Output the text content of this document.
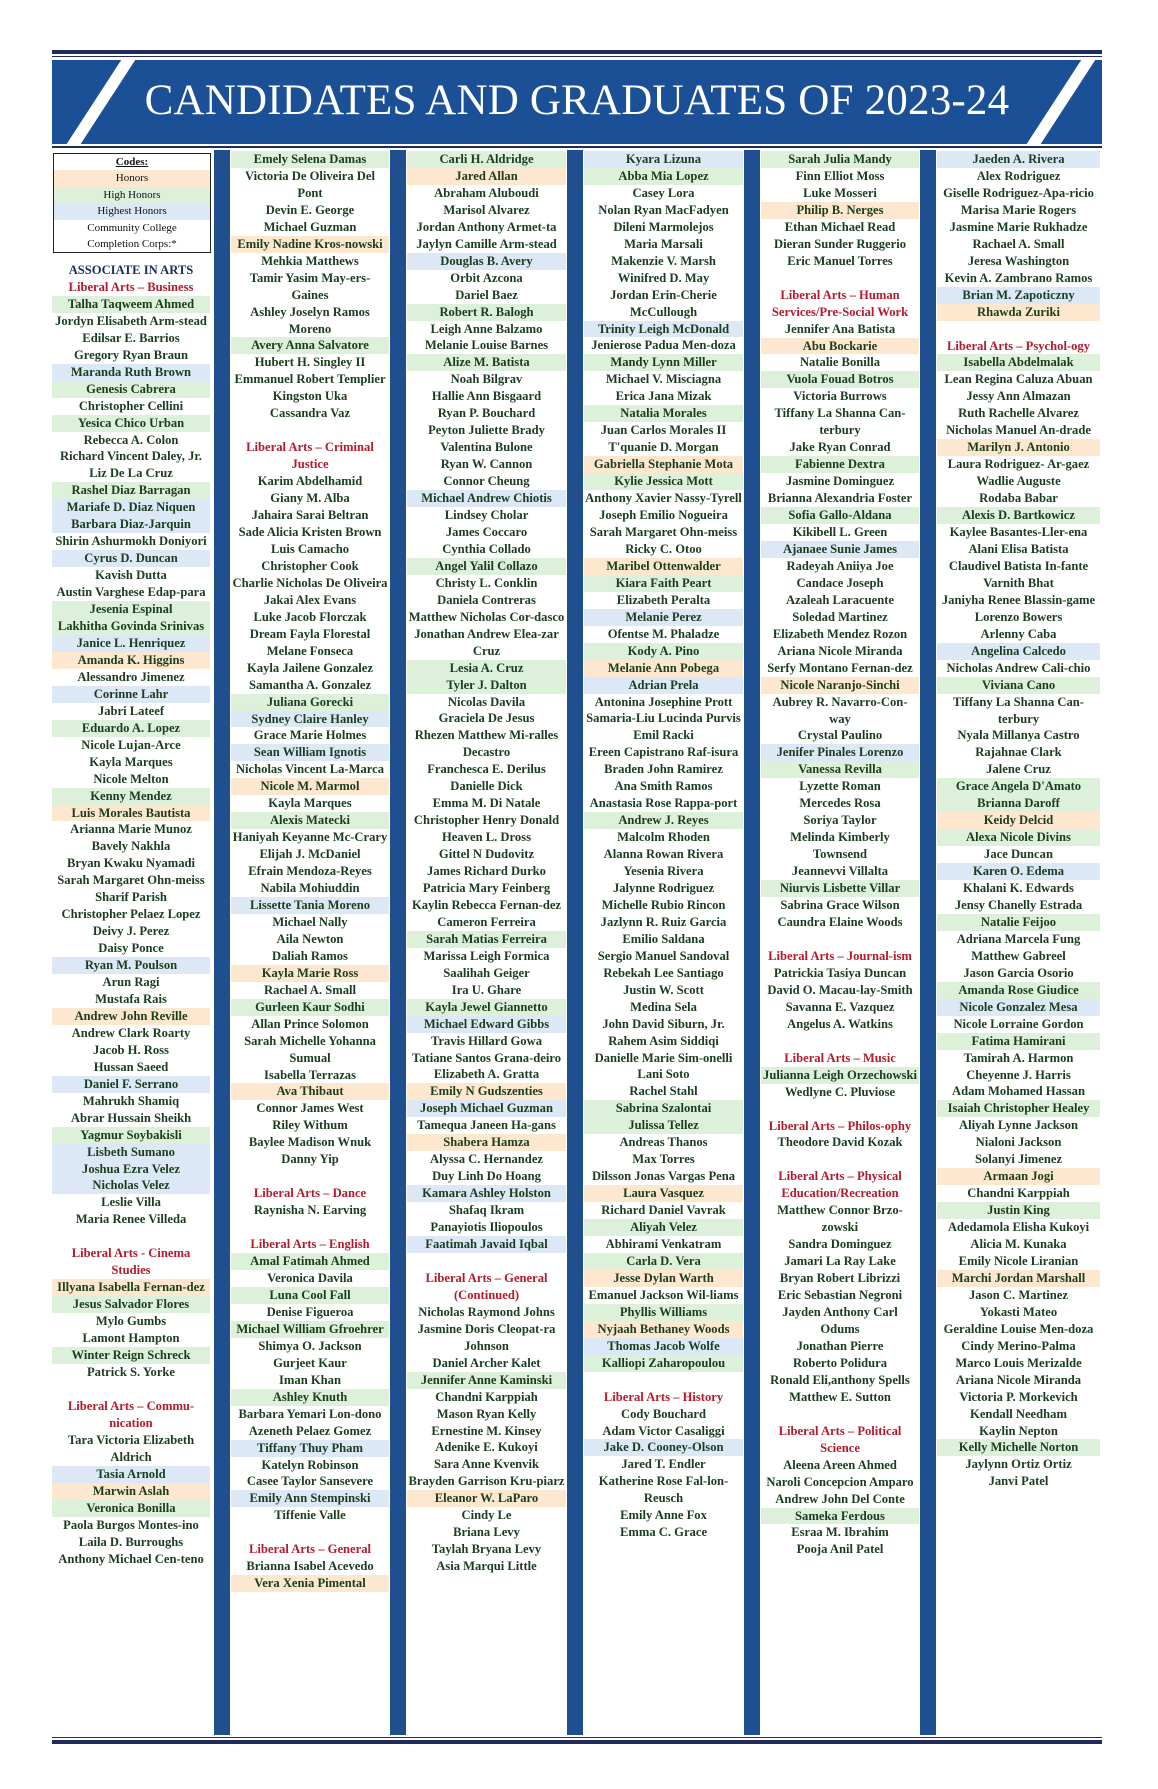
CANDIDATES AND GRADUATES OF 2023-24
Codes:
Honors
High Honors
Highest Honors
Community College
Completion Corps:*
ASSOCIATE IN ARTS
Liberal Arts – Business
Talha Taqweem Ahmed
Jordyn Elisabeth Arm-stead
Edilsar E. Barrios
Gregory Ryan Braun
Maranda Ruth Brown
Genesis Cabrera
Christopher Cellini
Yesica Chico Urban
Rebecca A. Colon
Richard Vincent Daley, Jr.
Liz De La Cruz
Rashel Diaz Barragan
Mariafe D. Diaz Niquen
Barbara Diaz-Jarquin
Shirin Ashurmokh Doniyori
Cyrus D. Duncan
Kavish Dutta
Austin Varghese Edap-para
Jesenia Espinal
Lakhitha Govinda Srinivas
Janice L. Henriquez
Amanda K. Higgins
Alessandro Jimenez
Corinne Lahr
Jabri Lateef
Eduardo A. Lopez
Nicole Lujan-Arce
Kayla Marques
Nicole Melton
Kenny Mendez
Luis Morales Bautista
Arianna Marie Munoz
Bavely Nakhla
Bryan Kwaku Nyamadi
Sarah Margaret Ohn-meiss
Sharif Parish
Christopher Pelaez Lopez
Deivy J. Perez
Daisy Ponce
Ryan M. Poulson
Arun Ragi
Mustafa Rais
Andrew John Reville
Andrew Clark Roarty
Jacob H. Ross
Hussan Saeed
Daniel F. Serrano
Mahrukh Shamiq
Abrar Hussain Sheikh
Yagmur Soybakisli
Lisbeth Sumano
Joshua Ezra Velez
Nicholas Velez
Leslie Villa
Maria Renee Villeda
Liberal Arts - Cinema Studies
Illyana Isabella Fernan-dez
Jesus Salvador Flores
Mylo Gumbs
Lamont Hampton
Winter Reign Schreck
Patrick S. Yorke
Liberal Arts – Commu-nication
Tara Victoria Elizabeth Aldrich
Tasia Arnold
Marwin Aslah
Veronica Bonilla
Paola Burgos Montes-ino
Laila D. Burroughs
Anthony Michael Cen-teno
Emely Selena Damas
Victoria De Oliveira Del Pont
Devin E. George
Michael Guzman
Emily Nadine Kros-nowski
Mehkia Matthews
Tamir Yasim May-ers-Gaines
Ashley Joselyn Ramos Moreno
Avery Anna Salvatore
Hubert H. Singley II
Emmanuel Robert Templier
Kingston Uka
Cassandra Vaz
Liberal Arts – Criminal Justice
Karim Abdelhamid
Giany M. Alba
Jahaira Sarai Beltran
Sade Alicia Kristen Brown
Luis Camacho
Christopher Cook
Charlie Nicholas De Oliveira
Jakai Alex Evans
Luke Jacob Florczak
Dream Fayla Florestal
Melane Fonseca
Kayla Jailene Gonzalez
Samantha A. Gonzalez
Juliana Gorecki
Sydney Claire Hanley
Grace Marie Holmes
Sean William Ignotis
Nicholas Vincent La-Marca
Nicole M. Marmol
Kayla Marques
Alexis Matecki
Haniyah Keyanne Mc-Crary
Elijah J. McDaniel
Efrain Mendoza-Reyes
Nabila Mohiuddin
Lissette Tania Moreno
Michael Nally
Aila Newton
Daliah Ramos
Kayla Marie Ross
Rachael A. Small
Gurleen Kaur Sodhi
Allan Prince Solomon
Sarah Michelle Yohanna Sumual
Isabella Terrazas
Ava Thibaut
Connor James West
Riley Withum
Baylee Madison Wnuk
Danny Yip
Liberal Arts – Dance
Raynisha N. Earving
Liberal Arts – English
Amal Fatimah Ahmed
Veronica Davila
Luna Cool Fall
Denise Figueroa
Michael William Gfroehrer
Shimya O. Jackson
Gurjeet Kaur
Iman Khan
Ashley Knuth
Barbara Yemari Lon-dono
Azeneth Pelaez Gomez
Tiffany Thuy Pham
Katelyn Robinson
Casee Taylor Sansevere
Emily Ann Stempinski
Tiffenie Valle
Liberal Arts – General
Brianna Isabel Acevedo
Vera Xenia Pimental
Carli H. Aldridge
Jared Allan
Abraham Aluboudi
Marisol Alvarez
Jordan Anthony Armet-ta
Jaylyn Camille Arm-stead
Douglas B. Avery
Orbit Azcona
Dariel Baez
Robert R. Balogh
Leigh Anne Balzamo
Melanie Louise Barnes
Alize M. Batista
Noah Bilgrav
Hallie Ann Bisgaard
Ryan P. Bouchard
Peyton Juliette Brady
Valentina Bulone
Ryan W. Cannon
Connor Cheung
Michael Andrew Chiotis
Lindsey Cholar
James Coccaro
Cynthia Collado
Angel Yalil Collazo
Christy L. Conklin
Daniela Contreras
Matthew Nicholas Cor-dasco
Jonathan Andrew Elea-zar Cruz
Lesia A. Cruz
Tyler J. Dalton
Nicolas Davila
Graciela De Jesus
Rhezen Matthew Mi-ralles Decastro
Franchesca E. Derilus
Danielle Dick
Emma M. Di Natale
Christopher Henry Donald
Heaven L. Dross
Gittel N Dudovitz
James Richard Durko
Patricia Mary Feinberg
Kaylin Rebecca Fernan-dez
Cameron Ferreira
Sarah Matias Ferreira
Marissa Leigh Formica
Saalihah Geiger
Ira U. Ghare
Kayla Jewel Giannetto
Michael Edward Gibbs
Travis Hillard Gowa
Tatiane Santos Grana-deiro
Elizabeth A. Gratta
Emily N Gudszenties
Joseph Michael Guzman
Tamequa Janeen Ha-gans
Shabera Hamza
Alyssa C. Hernandez
Duy Linh Do Hoang
Kamara Ashley Holston
Shafaq Ikram
Panayiotis Iliopoulos
Faatimah Javaid Iqbal
Liberal Arts – General (Continued)
Nicholas Raymond Johns
Jasmine Doris Cleopat-ra Johnson
Daniel Archer Kalet
Jennifer Anne Kaminski
Chandni Karppiah
Mason Ryan Kelly
Ernestine M. Kinsey
Adenike E. Kukoyi
Sara Anne Kvenvik
Brayden Garrison Kru-piarz
Eleanor W. LaParo
Cindy Le
Briana Levy
Taylah Bryana Levy
Asia Marqui Little
Kyara Lizuna
Abba Mia Lopez
Casey Lora
Nolan Ryan MacFadyen
Dileni Marmolejos
Maria Marsali
Makenzie V. Marsh
Winifred D. May
Jordan Erin-Cherie McCullough
Trinity Leigh McDonald
Jenierose Padua Men-doza
Mandy Lynn Miller
Michael V. Misciagna
Erica Jana Mizak
Natalia Morales
Juan Carlos Morales II
T'quanie D. Morgan
Gabriella Stephanie Mota
Kylie Jessica Mott
Anthony Xavier Nassy-Tyrell
Joseph Emilio Nogueira
Sarah Margaret Ohn-meiss
Ricky C. Otoo
Maribel Ottenwalder
Kiara Faith Peart
Elizabeth Peralta
Melanie Perez
Ofentse M. Phaladze
Kody A. Pino
Melanie Ann Pobega
Adrian Prela
Antonina Josephine Prott
Samaria-Liu Lucinda Purvis
Emil Racki
Ereen Capistrano Raf-isura
Braden John Ramirez
Ana Smith Ramos
Anastasia Rose Rappa-port
Andrew J. Reyes
Malcolm Rhoden
Alanna Rowan Rivera
Yesenia Rivera
Jalynne Rodriguez
Michelle Rubio Rincon
Jazlynn R. Ruiz Garcia
Emilio Saldana
Sergio Manuel Sandoval
Rebekah Lee Santiago
Justin W. Scott
Medina Sela
John David Siburn, Jr.
Rahem Asim Siddiqi
Danielle Marie Sim-onelli
Lani Soto
Rachel Stahl
Sabrina Szalontai
Julissa Tellez
Andreas Thanos
Max Torres
Dilsson Jonas Vargas Pena
Laura Vasquez
Richard Daniel Vavrak
Aliyah Velez
Abhirami Venkatram
Carla D. Vera
Jesse Dylan Warth
Emanuel Jackson Wil-liams
Phyllis Williams
Nyjaah Bethaney Woods
Thomas Jacob Wolfe
Kalliopi Zaharopoulou
Liberal Arts – History
Cody Bouchard
Adam Victor Casaliggi
Jake D. Cooney-Olson
Jared T. Endler
Katherine Rose Fal-lon-Reusch
Emily Anne Fox
Emma C. Grace
Sarah Julia Mandy
Finn Elliot Moss
Luke Mosseri
Philip B. Nerges
Ethan Michael Read
Dieran Sunder Ruggerio
Eric Manuel Torres
Liberal Arts – Human Services/Pre-Social Work
Jennifer Ana Batista
Abu Bockarie
Natalie Bonilla
Vuola Fouad Botros
Victoria Burrows
Tiffany La Shanna Can-terbury
Jake Ryan Conrad
Fabienne Dextra
Jasmine Dominguez
Brianna Alexandria Foster
Sofia Gallo-Aldana
Kikibell L. Green
Ajanaee Sunie James
Radeyah Aniiya Joe
Candace Joseph
Azaleah Laracuente
Soledad Martinez
Elizabeth Mendez Rozon
Ariana Nicole Miranda
Serfy Montano Fernan-dez
Nicole Naranjo-Sinchi
Aubrey R. Navarro-Con-way
Crystal Paulino
Jenifer Pinales Lorenzo
Vanessa Revilla
Lyzette Roman
Mercedes Rosa
Soriya Taylor
Melinda Kimberly Townsend
Jeannevvi Villalta
Niurvis Lisbette Villar
Sabrina Grace Wilson
Caundra Elaine Woods
Liberal Arts – Journal-ism
Patrickia Tasiya Duncan
David O. Macau-lay-Smith
Savanna E. Vazquez
Angelus A. Watkins
Liberal Arts – Music
Julianna Leigh Orzechowski
Wedlyne C. Pluviose
Liberal Arts – Philos-ophy
Theodore David Kozak
Liberal Arts – Physical Education/Recreation
Matthew Connor Brzo-zowski
Sandra Dominguez
Jamari La Ray Lake
Bryan Robert Librizzi
Eric Sebastian Negroni
Jayden Anthony Carl Odums
Jonathan Pierre
Roberto Polidura
Ronald Eli,anthony Spells
Matthew E. Sutton
Liberal Arts – Political Science
Aleena Areen Ahmed
Naroli Concepcion Amparo
Andrew John Del Conte
Sameka Ferdous
Esraa M. Ibrahim
Pooja Anil Patel
Jaeden A. Rivera
Alex Rodriguez
Giselle Rodriguez-Apa-ricio
Marisa Marie Rogers
Jasmine Marie Rukhadze
Rachael A. Small
Jeresa Washington
Kevin A. Zambrano Ramos
Brian M. Zapoticzny
Rhawda Zuriki
Liberal Arts – Psychol-ogy
Isabella Abdelmalak
Lean Regina Caluza Abuan
Jessy Ann Almazan
Ruth Rachelle Alvarez
Nicholas Manuel An-drade
Marilyn J. Antonio
Laura Rodriguez- Ar-gaez
Wadlie Auguste
Rodaba Babar
Alexis D. Bartkowicz
Kaylee Basantes-Ller-ena
Alani Elisa Batista
Claudivel Batista In-fante
Varnith Bhat
Janiyha Renee Blassin-game
Lorenzo Bowers
Arlenny Caba
Angelina Calcedo
Nicholas Andrew Cali-chio
Viviana Cano
Tiffany La Shanna Can-terbury
Nyala Millanya Castro
Rajahnae Clark
Jalene Cruz
Grace Angela D'Amato
Brianna Daroff
Keidy Delcid
Alexa Nicole Divins
Jace Duncan
Karen O. Edema
Khalani K. Edwards
Jensy Chanelly Estrada
Natalie Feijoo
Adriana Marcela Fung
Matthew Gabreel
Jason Garcia Osorio
Amanda Rose Giudice
Nicole Gonzalez Mesa
Nicole Lorraine Gordon
Fatima Hamirani
Tamirah A. Harmon
Cheyenne J. Harris
Adam Mohamed Hassan
Isaiah Christopher Healey
Aliyah Lynne Jackson
Nialoni Jackson
Solanyi Jimenez
Armaan Jogi
Chandni Karppiah
Justin King
Adedamola Elisha Kukoyi
Alicia M. Kunaka
Emily Nicole Liranian
Marchi Jordan Marshall
Jason C. Martinez
Yokasti Mateo
Geraldine Louise Men-doza
Cindy Merino-Palma
Marco Louis Merizalde
Ariana Nicole Miranda
Victoria P. Morkevich
Kendall Needham
Kaylin Nepton
Kelly Michelle Norton
Jaylynn Ortiz Ortiz
Janvi Patel
